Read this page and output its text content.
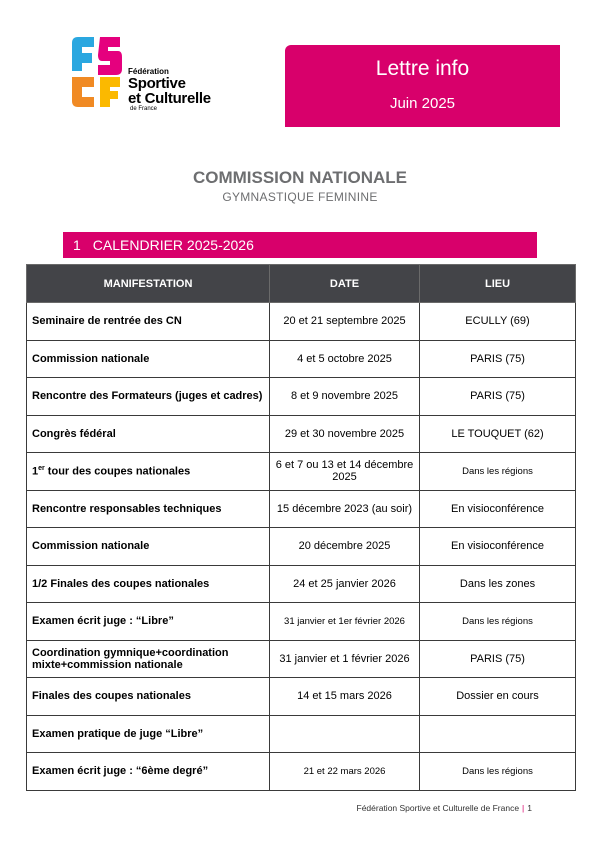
Fédération
Sportive
et Culturelle
de France
Lettre info
Juin 2025
COMMISSION NATIONALE
GYMNASTIQUE FEMININE
1 CALENDRIER 2025-2026
MANIFESTATION	DATE	LIEU
Seminaire de rentrée des CN	20 et 21 septembre 2025	ECULLY (69)
Commission nationale	4 et 5 octobre 2025	PARIS (75)
Rencontre des Formateurs (juges et cadres)	8 et 9 novembre 2025	PARIS (75)
Congrès fédéral	29 et 30 novembre 2025	LE TOUQUET (62)
1er tour des coupes nationales	6 et 7 ou 13 et 14 décembre 2025	Dans les régions
Rencontre responsables techniques	15 décembre 2023 (au soir)	En visioconférence
Commission nationale	20 décembre 2025	En visioconférence
1/2 Finales des coupes nationales	24 et 25 janvier 2026	Dans les zones
Examen écrit juge : “Libre”	31 janvier et 1er février 2026	Dans les régions
Coordination gymnique+coordination mixte+commission nationale	31 janvier et 1 février 2026	PARIS (75)
Finales des coupes nationales	14 et 15 mars 2026	Dossier en cours
Examen pratique de juge “Libre”		
Examen écrit juge : “6ème degré”	21 et 22 mars 2026	Dans les régions
Fédération Sportive et Culturelle de France | 1
